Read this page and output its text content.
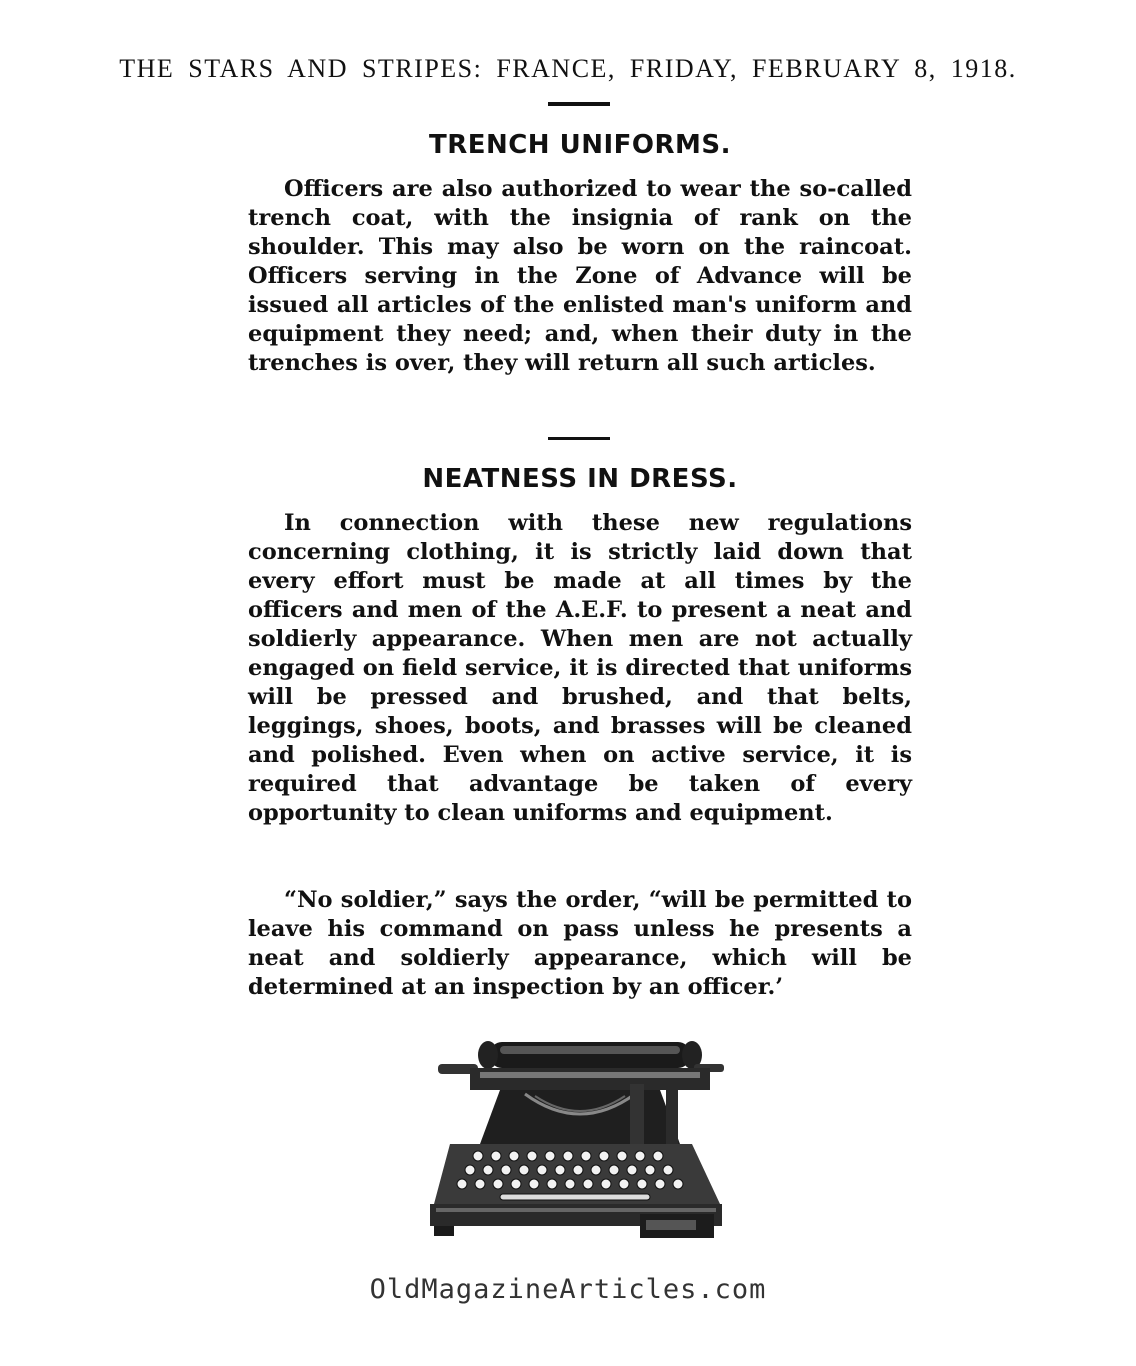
THE STARS AND STRIPES: FRANCE, FRIDAY, FEBRUARY 8, 1918.
TRENCH UNIFORMS.

Officers are also authorized to wear the so-called trench coat, with the insignia of rank on the shoulder. This may also be worn on the raincoat. Officers serving in the Zone of Advance will be issued all articles of the enlisted man's uniform and equipment they need; and, when their duty in the trenches is over, they will return all such articles.

NEATNESS IN DRESS.

In connection with these new regulations concerning clothing, it is strictly laid down that every effort must be made at all times by the officers and men of the A.E.F. to present a neat and soldierly appearance. When men are not actually engaged on field service, it is directed that uniforms will be pressed and brushed, and that belts, leggings, shoes, boots, and brasses will be cleaned and polished. Even when on active service, it is required that advantage be taken of every opportunity to clean uniforms and equipment.

“No soldier,” says the order, “will be permitted to leave his command on pass unless he presents a neat and soldierly appearance, which will be determined at an inspection by an officer.’

OldMagazineArticles.com
